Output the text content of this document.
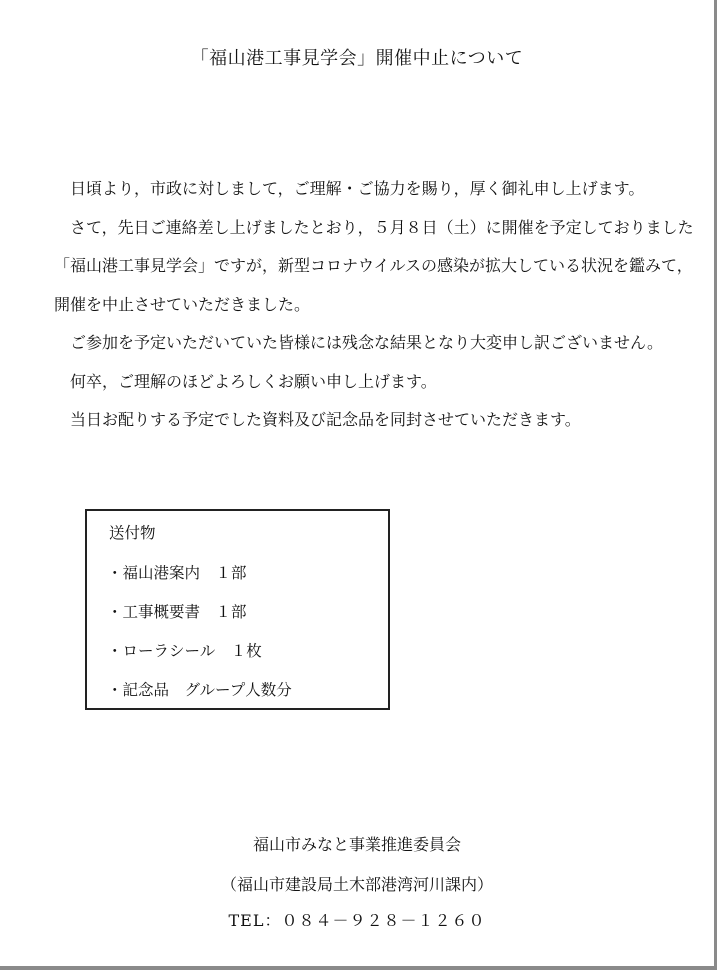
「福山港工事見学会」開催中止について

日頃より，市政に対しまして，ご理解・ご協力を賜り，厚く御礼申し上げます。

さて，先日ご連絡差し上げましたとおり，５月８日（土）に開催を予定しておりました「福山港工事見学会」ですが，新型コロナウイルスの感染が拡大している状況を鑑みて，開催を中止させていただきました。

ご参加を予定いただいていた皆様には残念な結果となり大変申し訳ございません。

何卒，ご理解のほどよろしくお願い申し上げます。

当日お配りする予定でした資料及び記念品を同封させていただきます。

送付物
・福山港案内　１部
・工事概要書　１部
・ローラシール　１枚
・記念品　グループ人数分
福山市みなと事業推進委員会
（福山市建設局土木部港湾河川課内）
TEL：０８４－９２８－１２６０
